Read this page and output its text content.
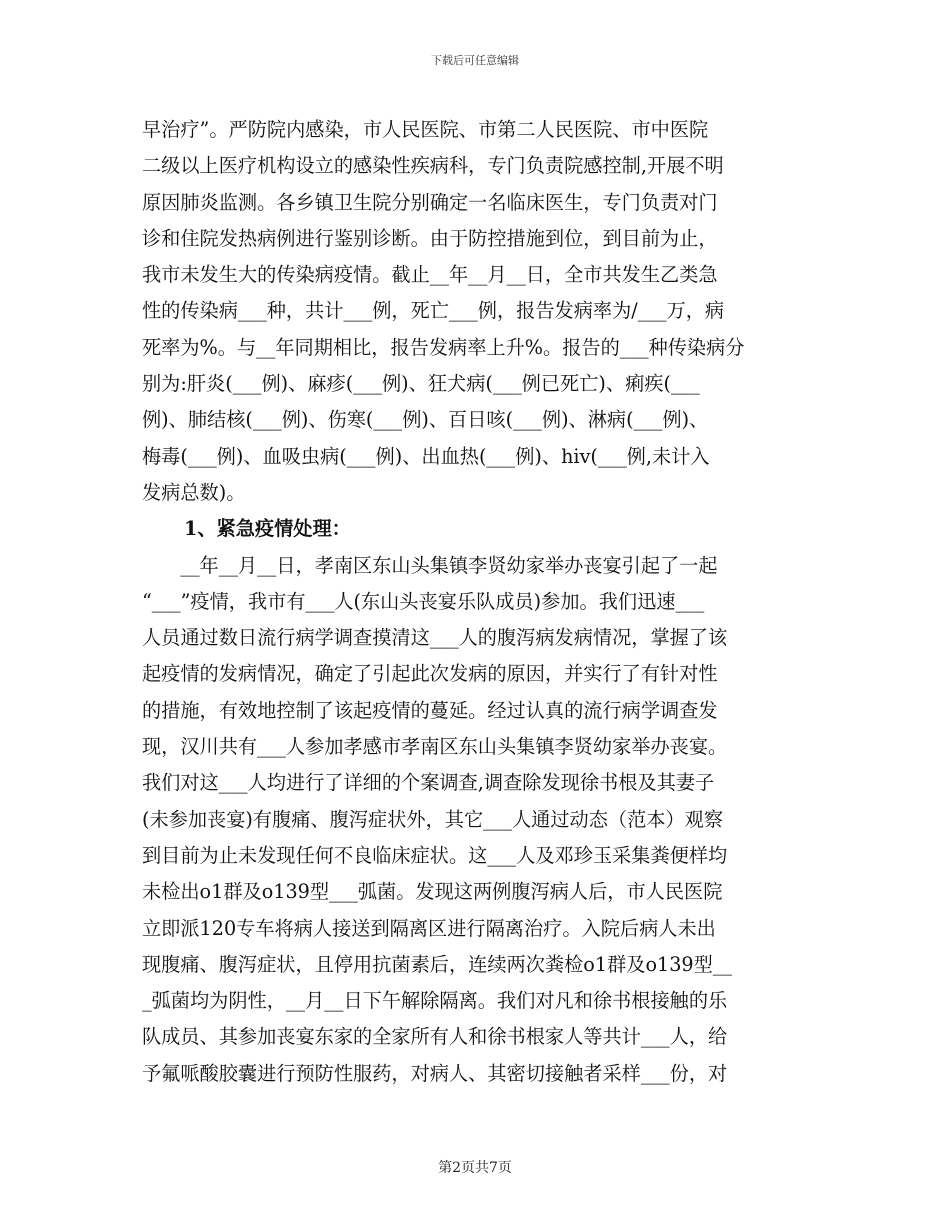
下载后可任意编辑
早治疗”。严防院内感染，市人民医院、市第二人民医院、市中医院
二级以上医疗机构设立的感染性疾病科，专门负责院感控制,开展不明
原因肺炎监测。各乡镇卫生院分别确定一名临床医生，专门负责对门
诊和住院发热病例进行鉴别诊断。由于防控措施到位，到目前为止，
我市未发生大的传染病疫情。截止__年__月__日，全市共发生乙类急
性的传染病___种，共计___例，死亡___例，报告发病率为/___万，病
死率为%。与__年同期相比，报告发病率上升%。报告的___种传染病分
别为:肝炎(___例)、麻疹(___例)、狂犬病(___例已死亡)、痢疾(___
例)、肺结核(___例)、伤寒(___例)、百日咳(___例)、淋病(___例)、
梅毒(___例)、血吸虫病(___例)、出血热(___例)、hiv(___例,未计入
发病总数)。
1、紧急疫情处理：
　　__年__月__日，孝南区东山头集镇李贤幼家举办丧宴引起了一起
“___”疫情，我市有___人(东山头丧宴乐队成员)参加。我们迅速___
人员通过数日流行病学调查摸清这___人的腹泻病发病情况，掌握了该
起疫情的发病情况，确定了引起此次发病的原因，并实行了有针对性
的措施，有效地控制了该起疫情的蔓延。经过认真的流行病学调查发
现，汉川共有___人参加孝感市孝南区东山头集镇李贤幼家举办丧宴。
我们对这___人均进行了详细的个案调查,调查除发现徐书根及其妻子
(未参加丧宴)有腹痛、腹泻症状外，其它___人通过动态（范本）观察
到目前为止未发现任何不良临床症状。这___人及邓珍玉采集粪便样均
未检出o1群及o139型___弧菌。发现这两例腹泻病人后，市人民医院
立即派120专车将病人接送到隔离区进行隔离治疗。入院后病人未出
现腹痛、腹泻症状，且停用抗菌素后，连续两次粪检o1群及o139型__
_弧菌均为阴性，__月__日下午解除隔离。我们对凡和徐书根接触的乐
队成员、其参加丧宴东家的全家所有人和徐书根家人等共计___人，给
予氟哌酸胶囊进行预防性服药，对病人、其密切接触者采样___份，对
第2页共7页
